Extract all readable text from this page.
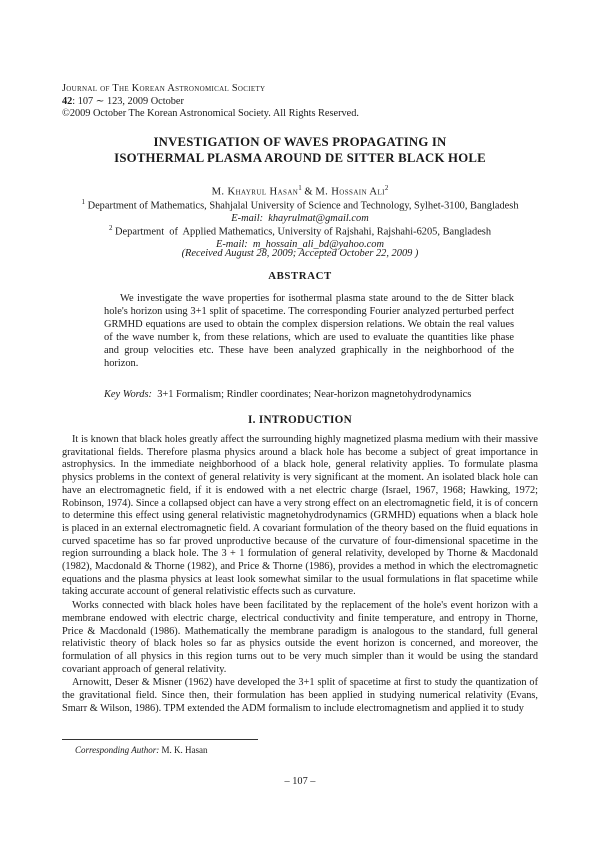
Journal of The Korean Astronomical Society
42: 107 ∼ 123, 2009 October
©2009 October The Korean Astronomical Society. All Rights Reserved.
INVESTIGATION OF WAVES PROPAGATING IN
ISOTHERMAL PLASMA AROUND DE SITTER BLACK HOLE
M. Khayrul Hasan$^1$ & M. Hossain Ali$^2$
$^1$ Department of Mathematics, Shahjalal University of Science and Technology, Sylhet-3100, Bangladesh
E-mail:  khayrulmat@gmail.com
$^2$ Department  of  Applied Mathematics, University of Rajshahi, Rajshahi-6205, Bangladesh
E-mail:  m_hossain_ali_bd@yahoo.com
(Received August 28, 2009; Accepted October 22, 2009 )
ABSTRACT

We investigate the wave properties for isothermal plasma state around to the de Sitter black hole's horizon using 3+1 split of spacetime. The corresponding Fourier analyzed perturbed perfect GRMHD equations are used to obtain the complex dispersion relations. We obtain the real values of the wave number k, from these relations, which are used to evaluate the quantities like phase and group velocities etc. These have been analyzed graphically in the neighborhood of the horizon.

Key Words:  3+1 Formalism; Rindler coordinates; Near-horizon magnetohydrodynamics
I. INTRODUCTION

It is known that black holes greatly affect the surrounding highly magnetized plasma medium with their massive gravitational fields. Therefore plasma physics around a black hole has become a subject of great importance in astrophysics. In the immediate neighborhood of a black hole, general relativity applies. To formulate plasma physics problems in the context of general relativity is very significant at the moment. An isolated black hole can have an electromagnetic field, if it is endowed with a net electric charge (Israel, 1967, 1968; Hawking, 1972; Robinson, 1974). Since a collapsed object can have a very strong effect on an electromagnetic field, it is of concern to determine this effect using general relativistic magnetohydrodynamics (GRMHD) equations when a black hole is placed in an external electromagnetic field. A covariant formulation of the theory based on the fluid equations in curved spacetime has so far proved unproductive because of the curvature of four-dimensional spacetime in the region surrounding a black hole. The 3 + 1 formulation of general relativity, developed by Thorne & Macdonald (1982), Macdonald & Thorne (1982), and Price & Thorne (1986), provides a method in which the electromagnetic equations and the plasma physics at least look somewhat similar to the usual formulations in flat spacetime while taking accurate account of general relativistic effects such as curvature.

Works connected with black holes have been facilitated by the replacement of the hole's event horizon with a membrane endowed with electric charge, electrical conductivity and finite temperature, and entropy in Thorne, Price & Macdonald (1986). Mathematically the membrane paradigm is analogous to the standard, full general relativistic theory of black holes so far as physics outside the event horizon is concerned, and moreover, the formulation of all physics in this region turns out to be very much simpler than it would be using the standard covariant approach of general relativity.

Arnowitt, Deser & Misner (1962) have developed the 3+1 split of spacetime at first to study the quantization of the gravitational field. Since then, their formulation has been applied in studying numerical relativity (Evans, Smarr & Wilson, 1986). TPM extended the ADM formalism to include electromagnetism and applied it to study

Corresponding Author: M. K. Hasan
– 107 –
